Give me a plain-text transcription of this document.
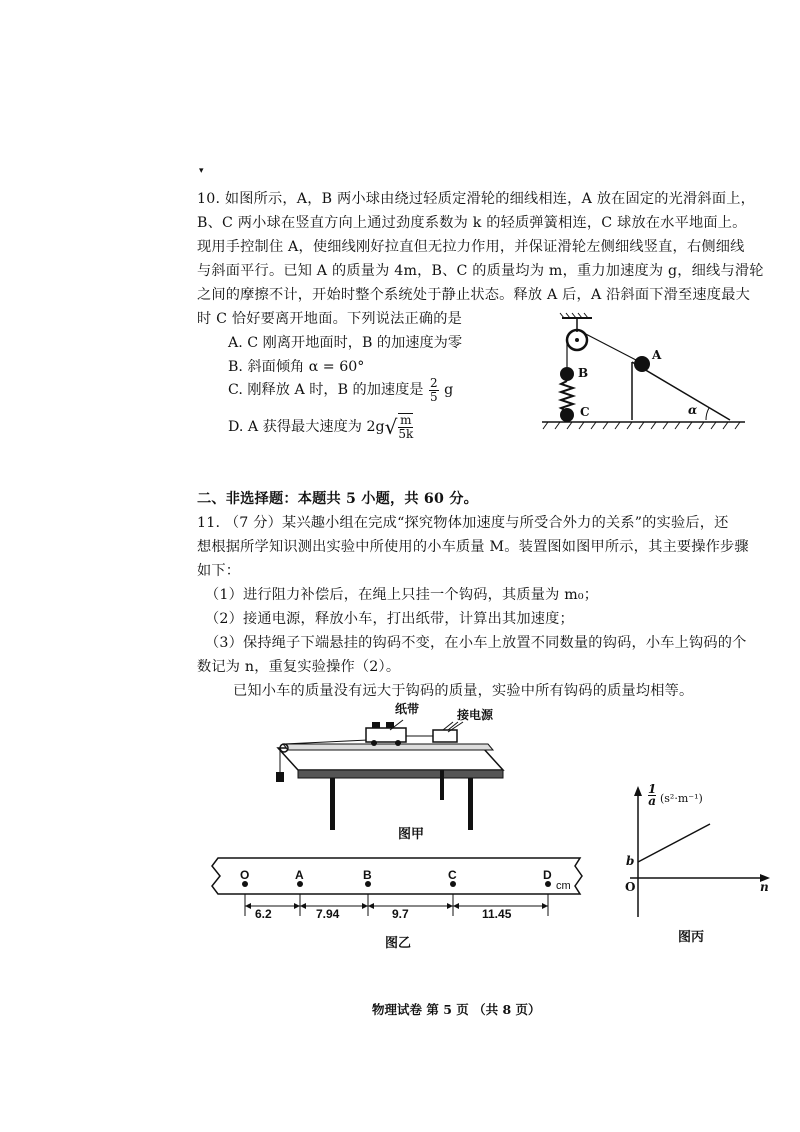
▾
10. 如图所示，A，B 两小球由绕过轻质定滑轮的细线相连，A 放在固定的光滑斜面上，
B、C 两小球在竖直方向上通过劲度系数为 k 的轻质弹簧相连，C 球放在水平地面上。
现用手控制住 A，使细线刚好拉直但无拉力作用，并保证滑轮左侧细线竖直，右侧细线
与斜面平行。已知 A 的质量为 4m，B、C 的质量均为 m，重力加速度为 g，细线与滑轮
之间的摩擦不计，开始时整个系统处于静止状态。释放 A 后，A 沿斜面下滑至速度最大
时 C 恰好要离开地面。下列说法正确的是
A. C 刚离开地面时，B 的加速度为零
B. 斜面倾角 α = 60°
C. 刚释放 A 时，B 的加速度是 $\frac{2}{5}$ g
D. A 获得最大速度为 $2g√ \frac{m}{5k}$
A
B
C	α
二、非选择题：本题共 5 小题，共 60 分。
11. （7 分）某兴趣小组在完成“探究物体加速度与所受合外力的关系”的实验后，还
想根据所学知识测出实验中所使用的小车质量 M。装置图如图甲所示，其主要操作步骤
如下：
（1）进行阻力补偿后，在绳上只挂一个钩码，其质量为 m₀；
（2）接通电源，释放小车，打出纸带，计算出其加速度；
（3）保持绳子下端悬挂的钩码不变，在小车上放置不同数量的钩码，小车上钩码的个
数记为 n，重复实验操作（2）。
已知小车的质量没有远大于钩码的质量，实验中所有钩码的质量均相等。
纸带	接电源
图甲
O	A	B	C	D
cm
6.2	7.94	9.7	11.45
图乙
$\frac{1}{a} (s^2\cdot m^{-1})$
b
O	n
图丙
物理试卷 第 5 页 （共 8 页）
